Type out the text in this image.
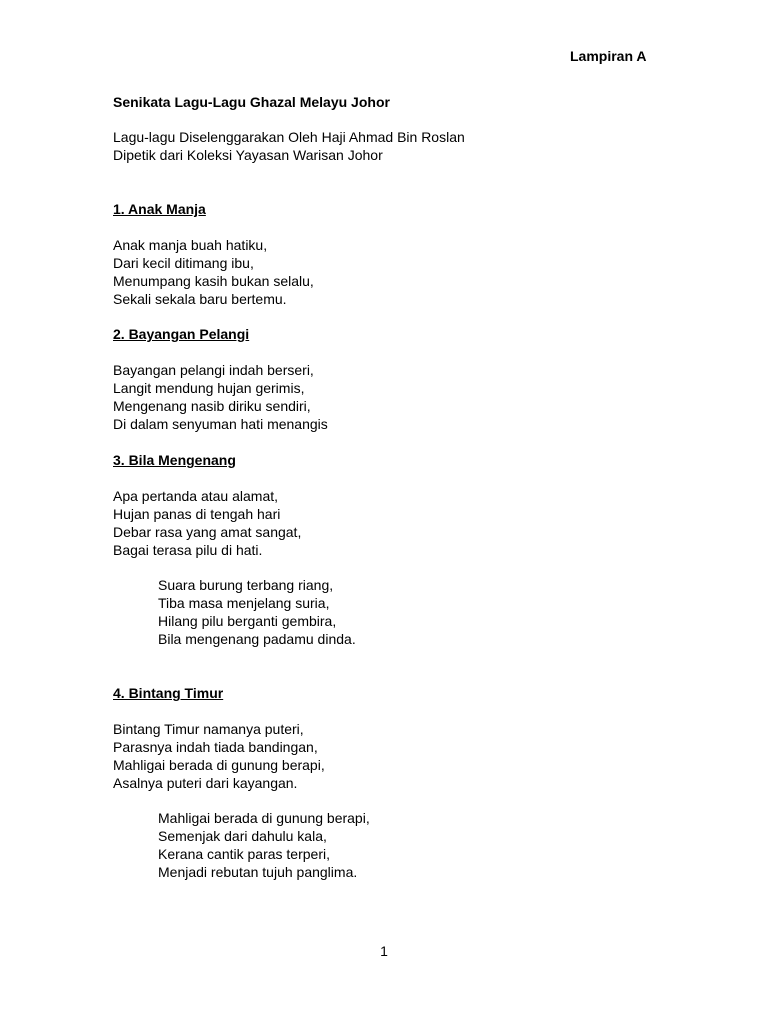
Lampiran A
Senikata Lagu-Lagu Ghazal Melayu Johor
Lagu-lagu Diselenggarakan Oleh Haji Ahmad Bin Roslan
Dipetik dari Koleksi Yayasan Warisan Johor
1. Anak Manja
Anak manja buah hatiku,
Dari kecil ditimang ibu,
Menumpang kasih bukan selalu,
Sekali sekala baru bertemu.
2. Bayangan Pelangi
Bayangan pelangi indah berseri,
Langit mendung hujan gerimis,
Mengenang nasib diriku sendiri,
Di dalam senyuman hati menangis
3. Bila Mengenang
Apa pertanda atau alamat,
Hujan panas di tengah hari
Debar rasa yang amat sangat,
Bagai terasa pilu di hati.
Suara burung terbang riang,
Tiba masa menjelang suria,
Hilang pilu berganti gembira,
Bila mengenang padamu dinda.
4. Bintang Timur
Bintang Timur namanya puteri,
Parasnya indah tiada bandingan,
Mahligai berada di gunung berapi,
Asalnya puteri dari kayangan.
Mahligai berada di gunung berapi,
Semenjak dari dahulu kala,
Kerana cantik paras terperi,
Menjadi rebutan tujuh panglima.
1
